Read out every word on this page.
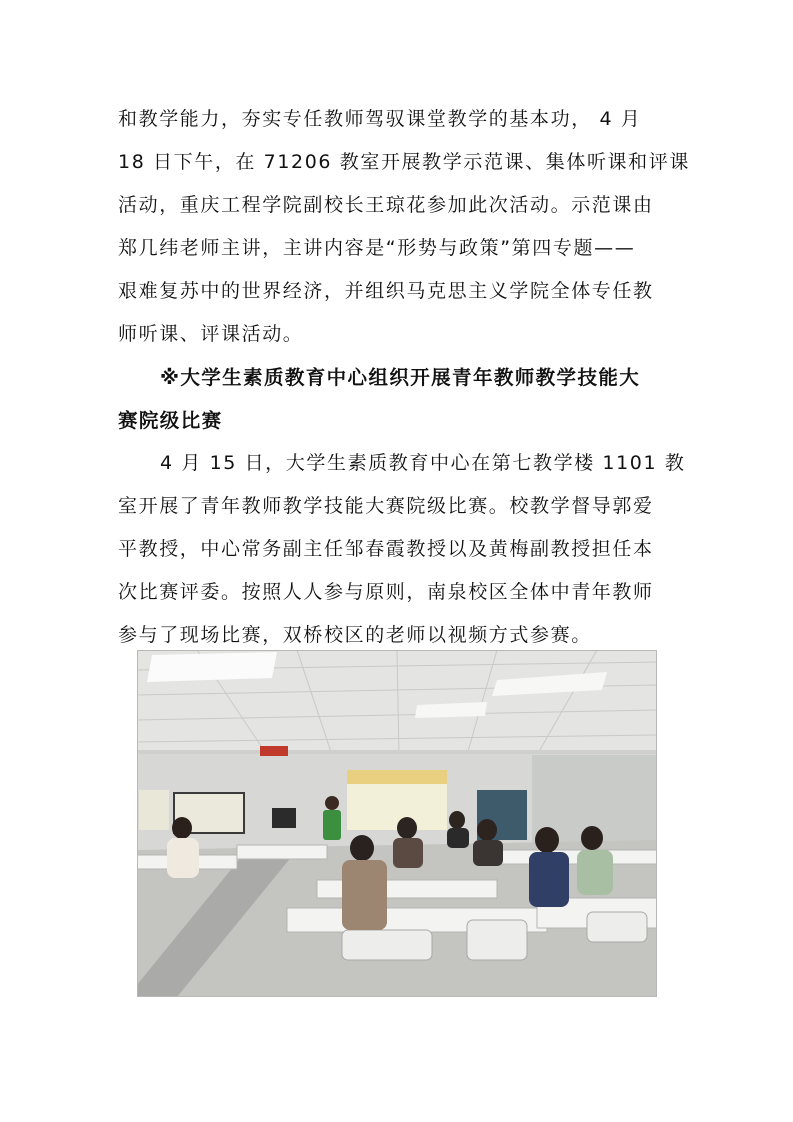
和教学能力，夯实专任教师驾驭课堂教学的基本功， 4 月
18 日下午，在 71206 教室开展教学示范课、集体听课和评课
活动，重庆工程学院副校长王琼花参加此次活动。示范课由
郑几纬老师主讲，主讲内容是“形势与政策”第四专题——
艰难复苏中的世界经济，并组织马克思主义学院全体专任教
师听课、评课活动。
※大学生素质教育中心组织开展青年教师教学技能大
赛院级比赛
4 月 15 日，大学生素质教育中心在第七教学楼 1101 教
室开展了青年教师教学技能大赛院级比赛。校教学督导郭爱
平教授，中心常务副主任邹春霞教授以及黄梅副教授担任本
次比赛评委。按照人人参与原则，南泉校区全体中青年教师
参与了现场比赛，双桥校区的老师以视频方式参赛。
